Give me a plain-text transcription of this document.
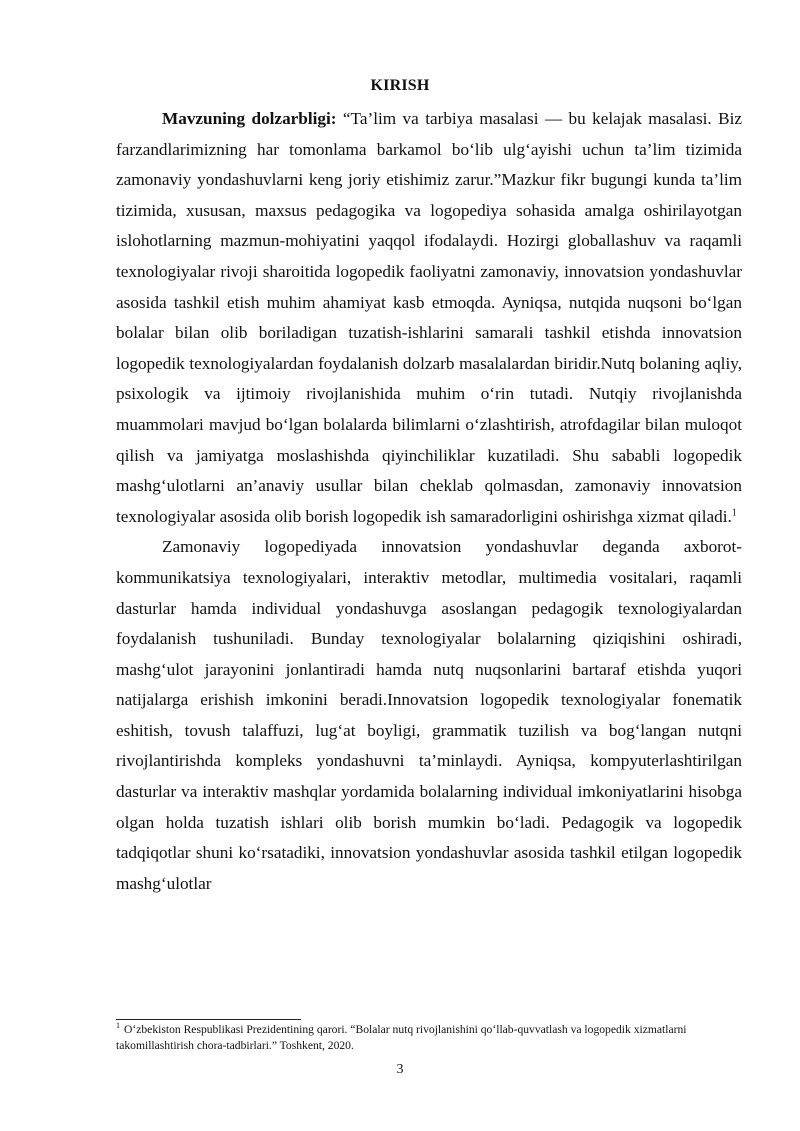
KIRISH

Mavzuning dolzarbligi: “Ta’lim va tarbiya masalasi — bu kelajak masalasi. Biz farzandlarimizning har tomonlama barkamol bo‘lib ulg‘ayishi uchun ta’lim tizimida zamonaviy yondashuvlarni keng joriy etishimiz zarur.”Mazkur fikr bugungi kunda ta’lim tizimida, xususan, maxsus pedagogika va logopediya sohasida amalga oshirilayotgan islohotlarning mazmun-mohiyatini yaqqol ifodalaydi. Hozirgi globallashuv va raqamli texnologiyalar rivoji sharoitida logopedik faoliyatni zamonaviy, innovatsion yondashuvlar asosida tashkil etish muhim ahamiyat kasb etmoqda. Ayniqsa, nutqida nuqsoni bo‘lgan bolalar bilan olib boriladigan tuzatish-ishlarini samarali tashkil etishda innovatsion logopedik texnologiyalardan foydalanish dolzarb masalalardan biridir.Nutq bolaning aqliy, psixologik va ijtimoiy rivojlanishida muhim o‘rin tutadi. Nutqiy rivojlanishda muammolari mavjud bo‘lgan bolalarda bilimlarni o‘zlashtirish, atrofdagilar bilan muloqot qilish va jamiyatga moslashishda qiyinchiliklar kuzatiladi. Shu sababli logopedik mashg‘ulotlarni an’anaviy usullar bilan cheklab qolmasdan, zamonaviy innovatsion texnologiyalar asosida olib borish logopedik ish samaradorligini oshirishga xizmat qiladi.$^1$

Zamonaviy logopediyada innovatsion yondashuvlar deganda axborot-kommunikatsiya texnologiyalari, interaktiv metodlar, multimedia vositalari, raqamli dasturlar hamda individual yondashuvga asoslangan pedagogik texnologiyalardan foydalanish tushuniladi. Bunday texnologiyalar bolalarning qiziqishini oshiradi, mashg‘ulot jarayonini jonlantiradi hamda nutq nuqsonlarini bartaraf etishda yuqori natijalarga erishish imkonini beradi.Innovatsion logopedik texnologiyalar fonematik eshitish, tovush talaffuzi, lug‘at boyligi, grammatik tuzilish va bog‘langan nutqni rivojlantirishda kompleks yondashuvni ta’minlaydi. Ayniqsa, kompyuterlashtirilgan dasturlar va interaktiv mashqlar yordamida bolalarning individual imkoniyatlarini hisobga olgan holda tuzatish ishlari olib borish mumkin bo‘ladi. Pedagogik va logopedik tadqiqotlar shuni ko‘rsatadiki, innovatsion yondashuvlar asosida tashkil etilgan logopedik mashg‘ulotlar

$^1$ O‘zbekiston Respublikasi Prezidentining qarori. “Bolalar nutq rivojlanishini qo‘llab-quvvatlash va logopedik xizmatlarni takomillashtirish chora-tadbirlari.” Toshkent, 2020.
3
